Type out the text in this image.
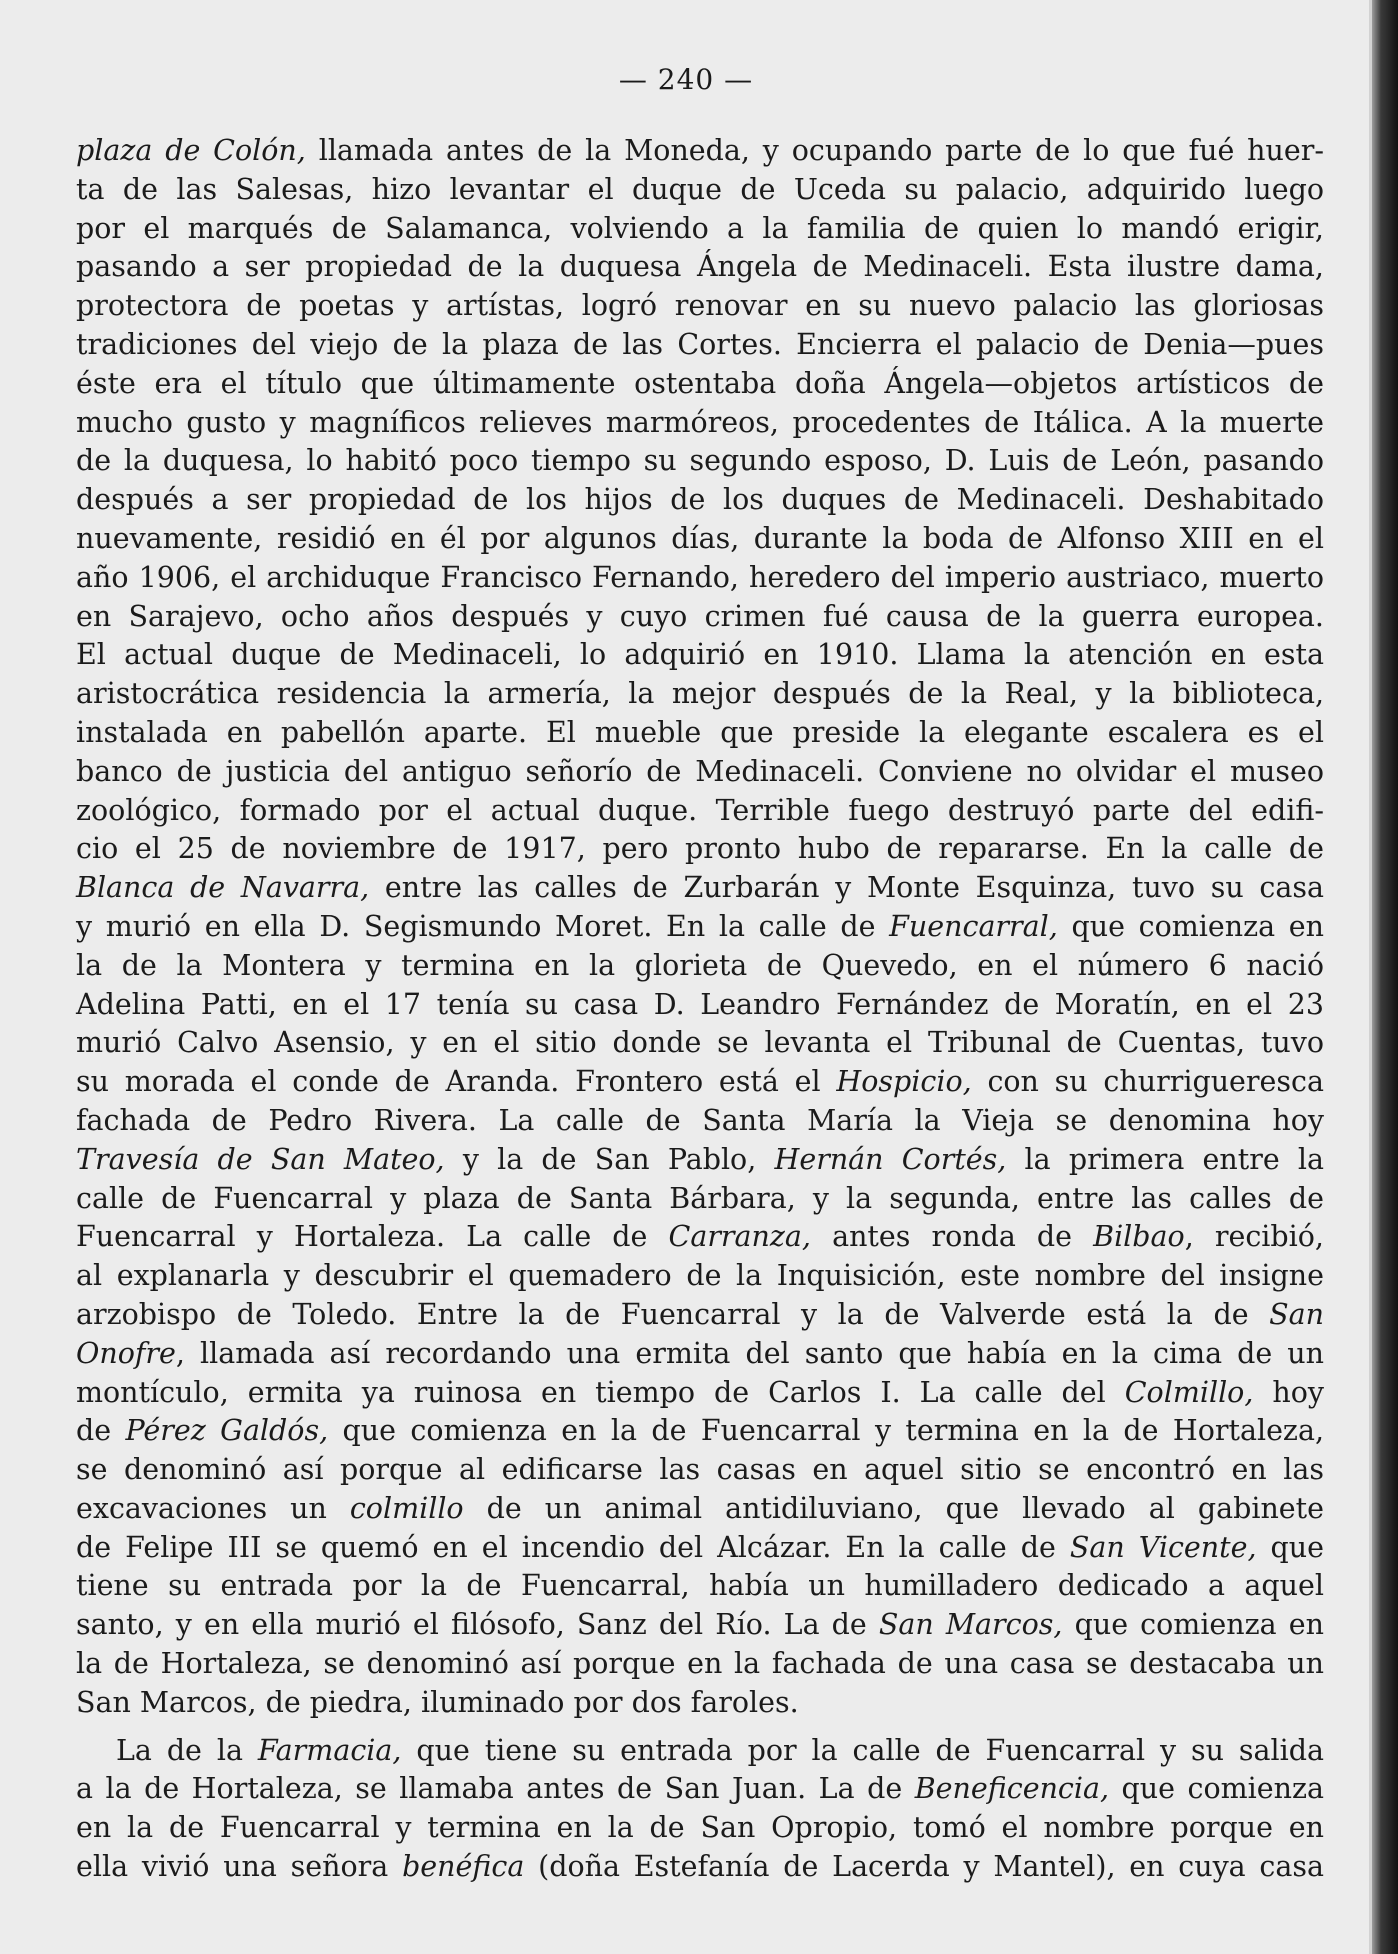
— 240 —
plaza de Colón, llamada antes de la Moneda, y ocupando parte de lo que fué huer-
ta de las Salesas, hizo levantar el duque de Uceda su palacio, adquirido luego
por el marqués de Salamanca, volviendo a la familia de quien lo mandó erigir,
pasando a ser propiedad de la duquesa Ángela de Medinaceli. Esta ilustre dama,
protectora de poetas y artístas, logró renovar en su nuevo palacio las gloriosas
tradiciones del viejo de la plaza de las Cortes. Encierra el palacio de Denia—pues
éste era el título que últimamente ostentaba doña Ángela—objetos artísticos de
mucho gusto y magníficos relieves marmóreos, procedentes de Itálica. A la muerte
de la duquesa, lo habitó poco tiempo su segundo esposo, D. Luis de León, pasando
después a ser propiedad de los hijos de los duques de Medinaceli. Deshabitado
nuevamente, residió en él por algunos días, durante la boda de Alfonso XIII en el
año 1906, el archiduque Francisco Fernando, heredero del imperio austriaco, muerto
en Sarajevo, ocho años después y cuyo crimen fué causa de la guerra europea.
El actual duque de Medinaceli, lo adquirió en 1910. Llama la atención en esta
aristocrática residencia la armería, la mejor después de la Real, y la biblioteca,
instalada en pabellón aparte. El mueble que preside la elegante escalera es el
banco de justicia del antiguo señorío de Medinaceli. Conviene no olvidar el museo
zoológico, formado por el actual duque. Terrible fuego destruyó parte del edifi-
cio el 25 de noviembre de 1917, pero pronto hubo de repararse. En la calle de
Blanca de Navarra, entre las calles de Zurbarán y Monte Esquinza, tuvo su casa
y murió en ella D. Segismundo Moret. En la calle de Fuencarral, que comienza en
la de la Montera y termina en la glorieta de Quevedo, en el número 6 nació
Adelina Patti, en el 17 tenía su casa D. Leandro Fernández de Moratín, en el 23
murió Calvo Asensio, y en el sitio donde se levanta el Tribunal de Cuentas, tuvo
su morada el conde de Aranda. Frontero está el Hospicio, con su churrigueresca
fachada de Pedro Rivera. La calle de Santa María la Vieja se denomina hoy
Travesía de San Mateo, y la de San Pablo, Hernán Cortés, la primera entre la
calle de Fuencarral y plaza de Santa Bárbara, y la segunda, entre las calles de
Fuencarral y Hortaleza. La calle de Carranza, antes ronda de Bilbao, recibió,
al explanarla y descubrir el quemadero de la Inquisición, este nombre del insigne
arzobispo de Toledo. Entre la de Fuencarral y la de Valverde está la de San
Onofre, llamada así recordando una ermita del santo que había en la cima de un
montículo, ermita ya ruinosa en tiempo de Carlos I. La calle del Colmillo, hoy
de Pérez Galdós, que comienza en la de Fuencarral y termina en la de Hortaleza,
se denominó así porque al edificarse las casas en aquel sitio se encontró en las
excavaciones un colmillo de un animal antidiluviano, que llevado al gabinete
de Felipe III se quemó en el incendio del Alcázar. En la calle de San Vicente, que
tiene su entrada por la de Fuencarral, había un humilladero dedicado a aquel
santo, y en ella murió el filósofo, Sanz del Río. La de San Marcos, que comienza en
la de Hortaleza, se denominó así porque en la fachada de una casa se destacaba un
San Marcos, de piedra, iluminado por dos faroles.
La de la Farmacia, que tiene su entrada por la calle de Fuencarral y su salida
a la de Hortaleza, se llamaba antes de San Juan. La de Beneficencia, que comienza
en la de Fuencarral y termina en la de San Opropio, tomó el nombre porque en
ella vivió una señora benéfica (doña Estefanía de Lacerda y Mantel), en cuya casa
